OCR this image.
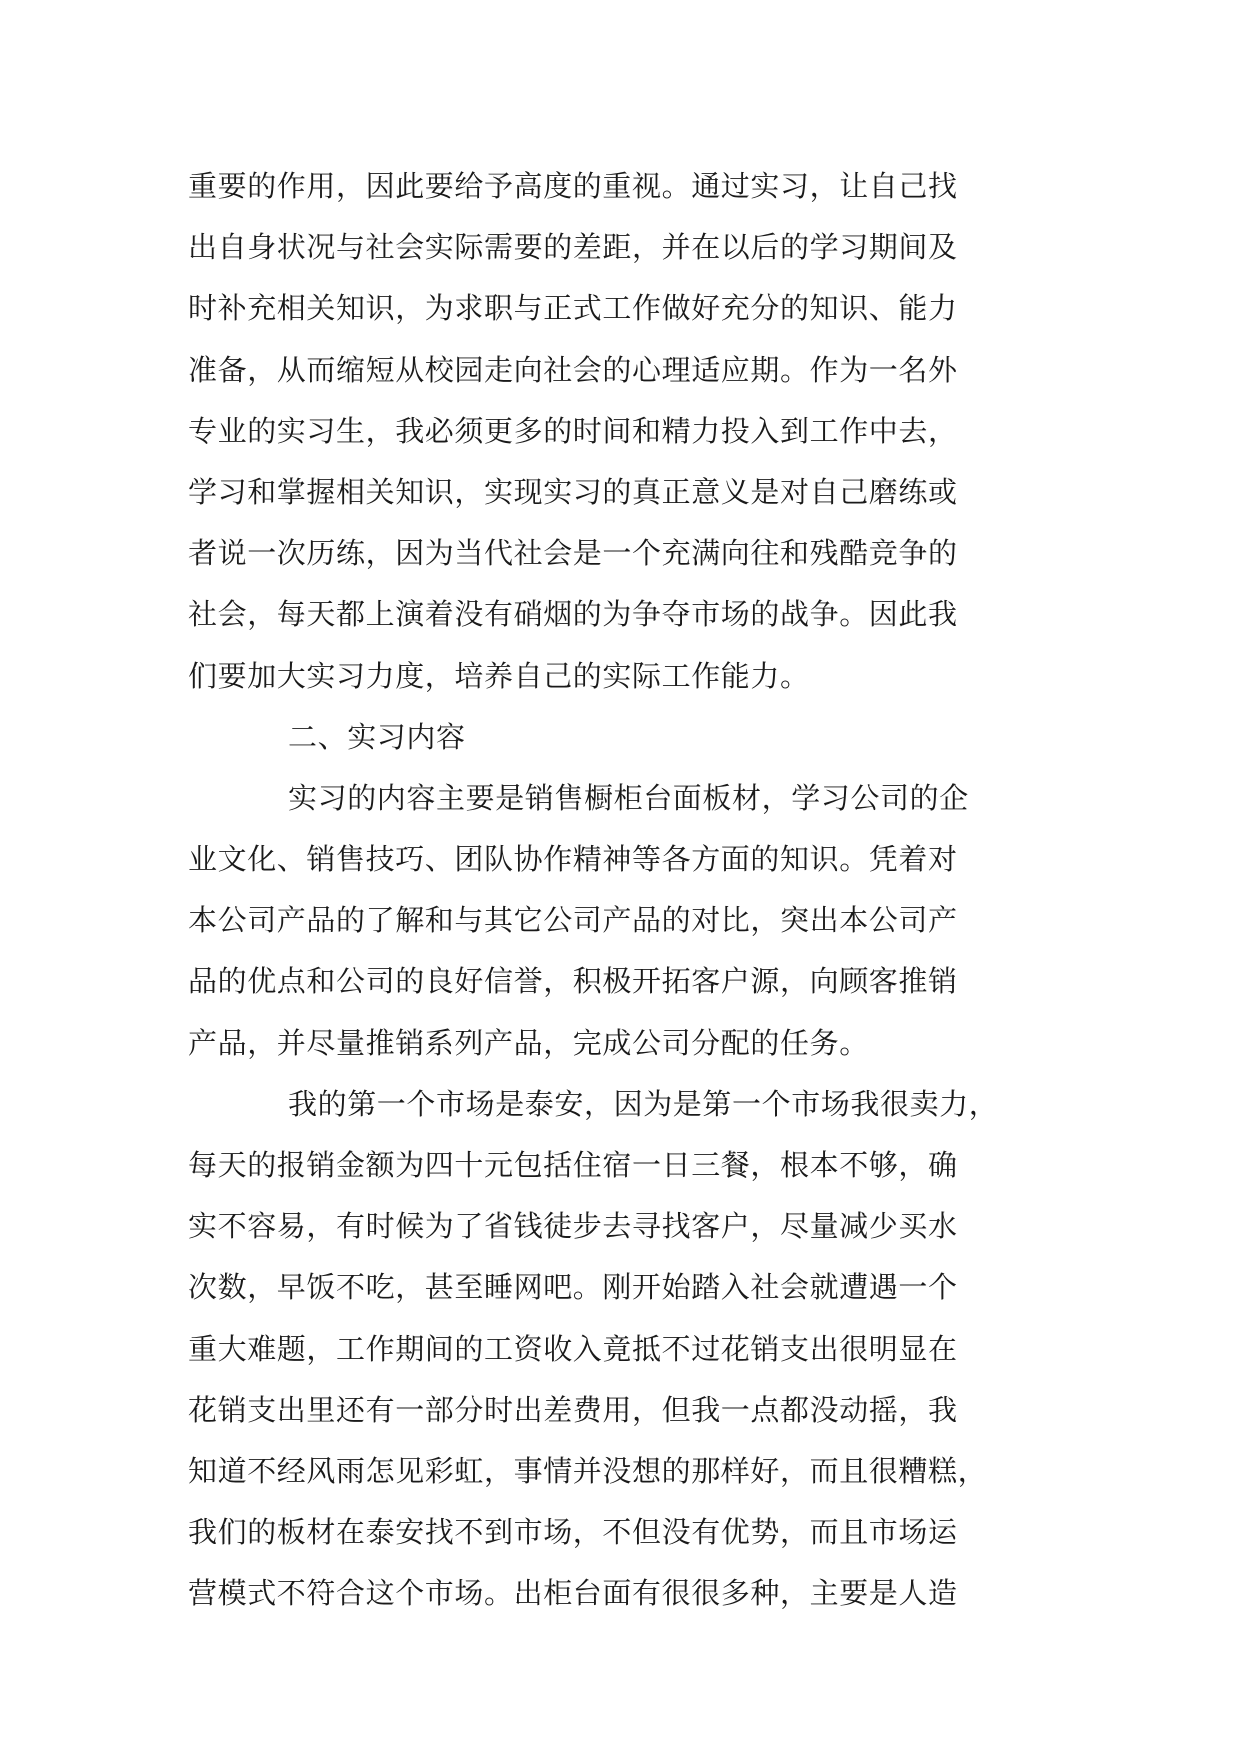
重要的作用，因此要给予高度的重视。通过实习，让自己找
出自身状况与社会实际需要的差距，并在以后的学习期间及
时补充相关知识，为求职与正式工作做好充分的知识、能力
准备，从而缩短从校园走向社会的心理适应期。作为一名外
专业的实习生，我必须更多的时间和精力投入到工作中去，
学习和掌握相关知识，实现实习的真正意义是对自己磨练或
者说一次历练，因为当代社会是一个充满向往和残酷竞争的
社会，每天都上演着没有硝烟的为争夺市场的战争。因此我
们要加大实习力度，培养自己的实际工作能力。
二、实习内容
实习的内容主要是销售橱柜台面板材，学习公司的企
业文化、销售技巧、团队协作精神等各方面的知识。凭着对
本公司产品的了解和与其它公司产品的对比，突出本公司产
品的优点和公司的良好信誉，积极开拓客户源，向顾客推销
产品，并尽量推销系列产品，完成公司分配的任务。
我的第一个市场是泰安，因为是第一个市场我很卖力，
每天的报销金额为四十元包括住宿一日三餐，根本不够，确
实不容易，有时候为了省钱徒步去寻找客户，尽量减少买水
次数，早饭不吃，甚至睡网吧。刚开始踏入社会就遭遇一个
重大难题，工作期间的工资收入竟抵不过花销支出很明显在
花销支出里还有一部分时出差费用，但我一点都没动摇，我
知道不经风雨怎见彩虹，事情并没想的那样好，而且很糟糕，
我们的板材在泰安找不到市场，不但没有优势，而且市场运
营模式不符合这个市场。出柜台面有很很多种，主要是人造
